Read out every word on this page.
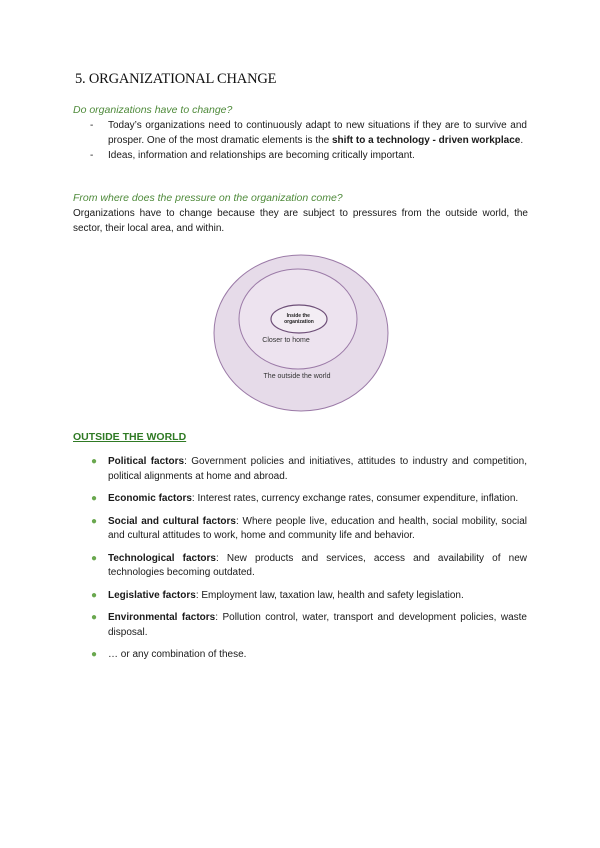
5. ORGANIZATIONAL CHANGE

Do organizations have to change?

- Today’s organizations need to continuously adapt to new situations if they are to survive and prosper. One of the most dramatic elements is the shift to a technology - driven workplace.
- Ideas, information and relationships are becoming critically important.

From where does the pressure on the organization come?

Organizations have to change because they are subject to pressures from the outside world, the sector, their local area, and within.

Inside the organization
Closer to home
The outside the world
OUTSIDE THE WORLD
● Political factors: Government policies and initiatives, attitudes to industry and competition, political alignments at home and abroad.
● Economic factors: Interest rates, currency exchange rates, consumer expenditure, inflation.
● Social and cultural factors: Where people live, education and health, social mobility, social and cultural attitudes to work, home and community life and behavior.
● Technological factors: New products and services, access and availability of new technologies becoming outdated.
● Legislative factors: Employment law, taxation law, health and safety legislation.
● Environmental factors: Pollution control, water, transport and development policies, waste disposal.
● … or any combination of these.
